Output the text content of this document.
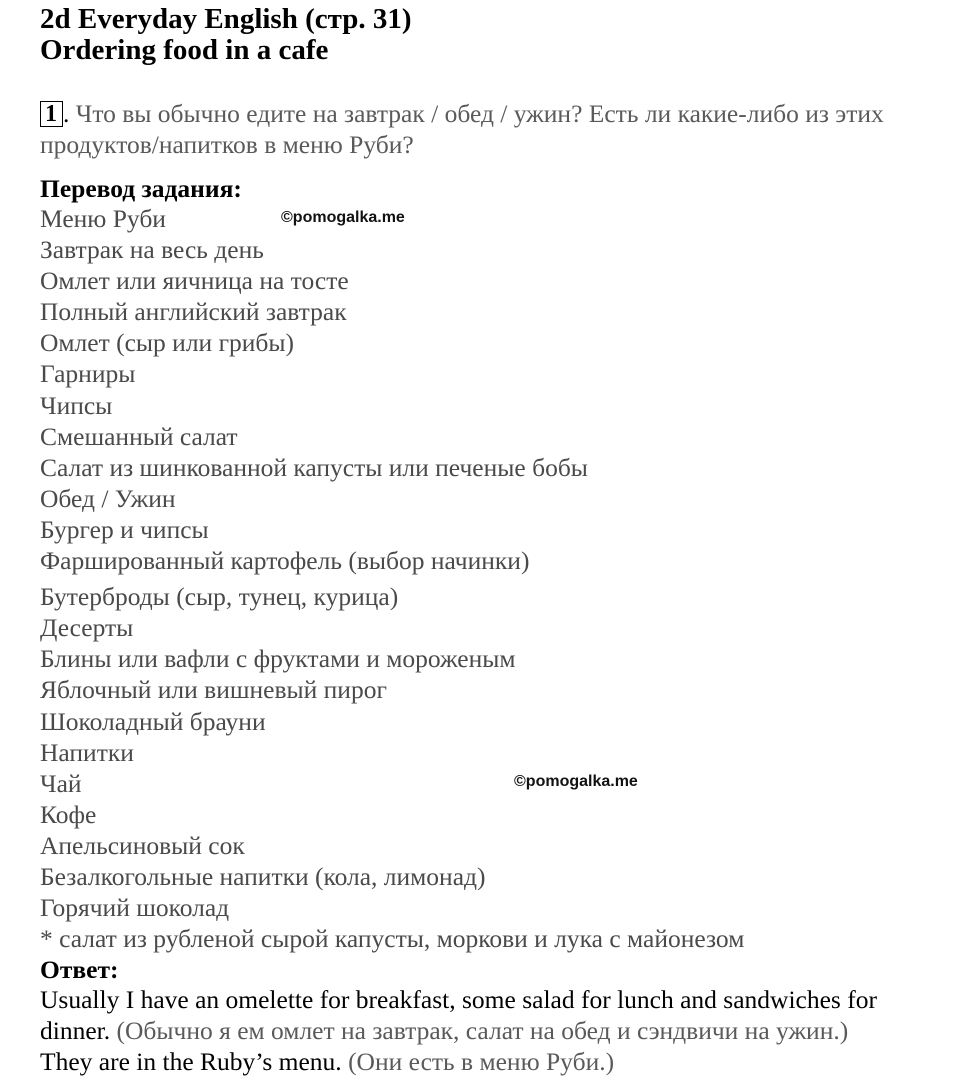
2d Everyday English (стр. 31)
Ordering food in a cafe
1 . Что вы обычно едите на завтрак / обед / ужин? Есть ли какие-либо из этих продуктов/напитков в меню Руби?
Перевод задания:
Меню Руби
Завтрак на весь день
Омлет или яичница на тосте
Полный английский завтрак
Омлет (сыр или грибы)
Гарниры
Чипсы
Смешанный салат
Салат из шинкованной капусты или печеные бобы
Обед / Ужин
Бургер и чипсы
Фаршированный картофель (выбор начинки)
Бутерброды (сыр, тунец, курица)
Десерты
Блины или вафли с фруктами и мороженым
Яблочный или вишневый пирог
Шоколадный брауни
Напитки
Чай
Кофе
Апельсиновый сок
Безалкогольные напитки (кола, лимонад)
Горячий шоколад
* салат из рубленой сырой капусты, моркови и лука с майонезом
Ответ:
Usually I have an omelette for breakfast, some salad for lunch and sandwiches for dinner. (Обычно я ем омлет на завтрак, салат на обед и сэндвичи на ужин.)
They are in the Ruby’s menu. (Они есть в меню Руби.)
©pomogalka.me
©pomogalka.me
